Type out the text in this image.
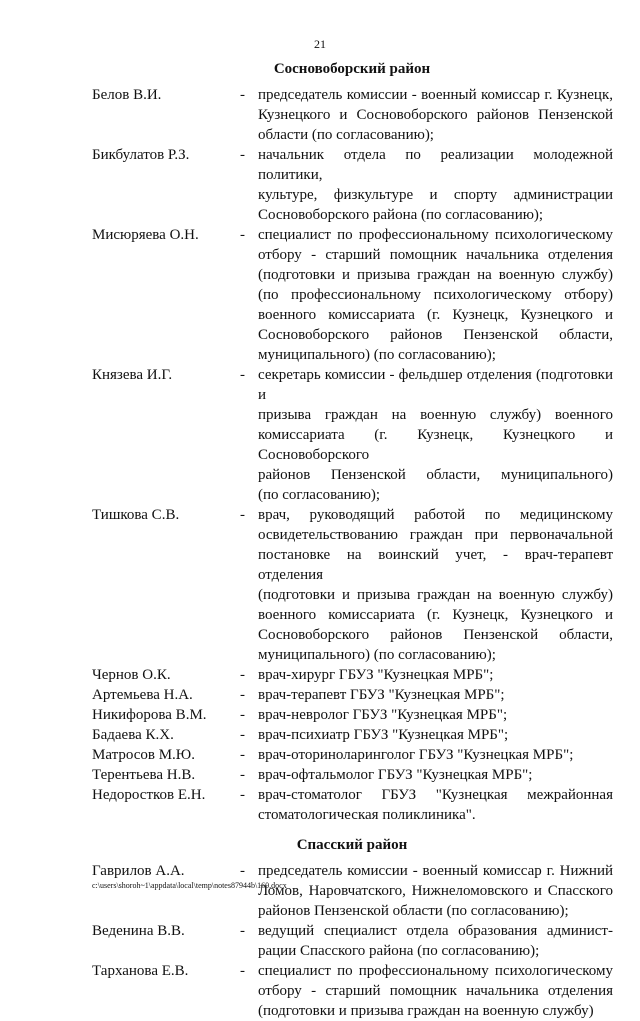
21
Сосновоборский район
Белов В.И.	- председатель комиссии - военный комиссар г. Кузнецк,
Кузнецкого и Сосновоборского районов Пензенской
области (по согласованию);
Бикбулатов Р.З.	- начальник отдела по реализации молодежной политики,
культуре, физкультуре и спорту администрации
Сосновоборского района (по согласованию);
Мисюряева О.Н.	- специалист по профессиональному психологическому
отбору - старший помощник начальника отделения
(подготовки и призыва граждан на военную службу)
(по профессиональному психологическому отбору)
военного комиссариата (г. Кузнецк, Кузнецкого и
Сосновоборского районов Пензенской области,
муниципального) (по согласованию);
Князева И.Г.	- секретарь комиссии - фельдшер отделения (подготовки и
призыва граждан на военную службу) военного
комиссариата (г. Кузнецк, Кузнецкого и Сосновоборского
районов Пензенской области, муниципального)
(по согласованию);
Тишкова С.В.	- врач, руководящий работой по медицинскому
освидетельствованию граждан при первоначальной
постановке на воинский учет, - врач-терапевт отделения
(подготовки и призыва граждан на военную службу)
военного комиссариата (г. Кузнецк, Кузнецкого и
Сосновоборского районов Пензенской области,
муниципального) (по согласованию);
Чернов О.К.	- врач-хирург ГБУЗ "Кузнецкая МРБ";
Артемьева Н.А.	- врач-терапевт ГБУЗ "Кузнецкая МРБ";
Никифорова В.М. - врач-невролог ГБУЗ "Кузнецкая МРБ";
Бадаева К.Х.	- врач-психиатр ГБУЗ "Кузнецкая МРБ";
Матросов М.Ю.	- врач-оториноларинголог ГБУЗ "Кузнецкая МРБ";
Терентьева Н.В.	- врач-офтальмолог ГБУЗ "Кузнецкая МРБ";
Недоростков Е.Н. - врач-стоматолог ГБУЗ "Кузнецкая межрайонная
стоматологическая поликлиника".
Спасский район
Гаврилов А.А.	- председатель комиссии - военный комиссар г. Нижний
Ломов, Наровчатского, Нижнеломовского и Спасского
районов Пензенской области (по согласованию);
Веденина В.В.	- ведущий специалист отдела образования админист-
рации Спасского района (по согласованию);
Тарханова Е.В.	- специалист по профессиональному психологическому
отбору - старший помощник начальника отделения
(подготовки и призыва граждан на военную службу)
c:\users\shoroh~1\appdata\local\temp\notes87944b\160.docx
